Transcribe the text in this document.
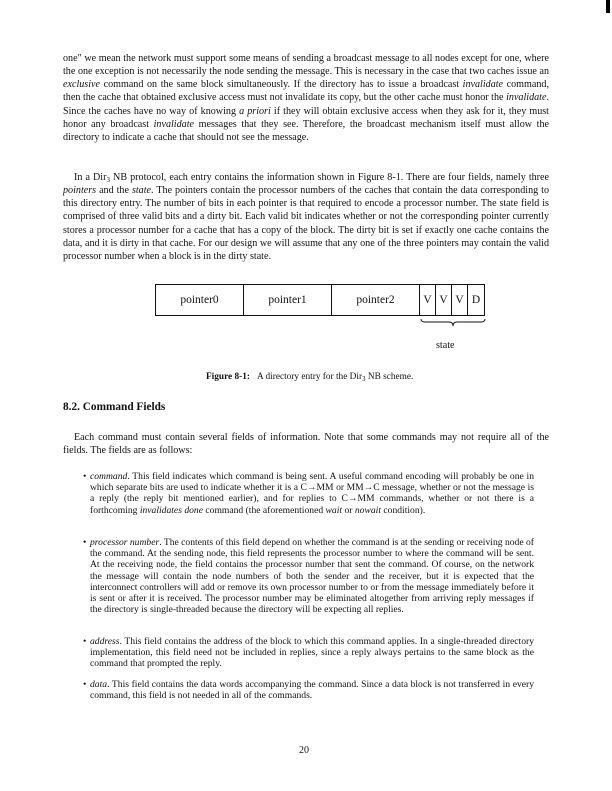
one" we mean the network must support some means of sending a broadcast message to all nodes except for one, where the one exception is not necessarily the node sending the message. This is necessary in the case that two caches issue an exclusive command on the same block simultaneously. If the directory has to issue a broadcast invalidate command, then the cache that obtained exclusive access must not invalidate its copy, but the other cache must honor the invalidate. Since the caches have no way of knowing a priori if they will obtain exclusive access when they ask for it, they must honor any broadcast invalidate messages that they see. Therefore, the broadcast mechanism itself must allow the directory to indicate a cache that should not see the message.

In a Dir$_3$ NB protocol, each entry contains the information shown in Figure 8-1. There are four fields, namely three pointers and the state. The pointers contain the processor numbers of the caches that contain the data corresponding to this directory entry. The number of bits in each pointer is that required to encode a processor number. The state field is comprised of three valid bits and a dirty bit. Each valid bit indicates whether or not the corresponding pointer currently stores a processor number for a cache that has a copy of the block. The dirty bit is set if exactly one cache contains the data, and it is dirty in that cache. For our design we will assume that any one of the three pointers may contain the valid processor number when a block is in the dirty state.

pointer0	pointer1	pointer2	V V V D
state
Figure 8-1: A directory entry for the Dir$_3$ NB scheme.
8.2. Command Fields

Each command must contain several fields of information. Note that some commands may not require all of the fields. The fields are as follows:

• command. This field indicates which command is being sent. A useful command encoding will probably be one in which separate bits are used to indicate whether it is a C→MM or MM→C message, whether or not the message is a reply (the reply bit mentioned earlier), and for replies to C→MM commands, whether or not there is a forthcoming invalidates done command (the aforementioned wait or nowait condition).

• processor number. The contents of this field depend on whether the command is at the sending or receiving node of the command. At the sending node, this field represents the processor number to where the command will be sent. At the receiving node, the field contains the processor number that sent the command. Of course, on the network the message will contain the node numbers of both the sender and the receiver, but it is expected that the interconnect controllers will add or remove its own processor number to or from the message immediately before it is sent or after it is received. The processor number may be eliminated altogether from arriving reply messages if the directory is single-threaded because the directory will be expecting all replies.

• address. This field contains the address of the block to which this command applies. In a single-threaded directory implementation, this field need not be included in replies, since a reply always pertains to the same block as the command that prompted the reply.

• data. This field contains the data words accompanying the command. Since a data block is not transferred in every command, this field is not needed in all of the commands.

20
